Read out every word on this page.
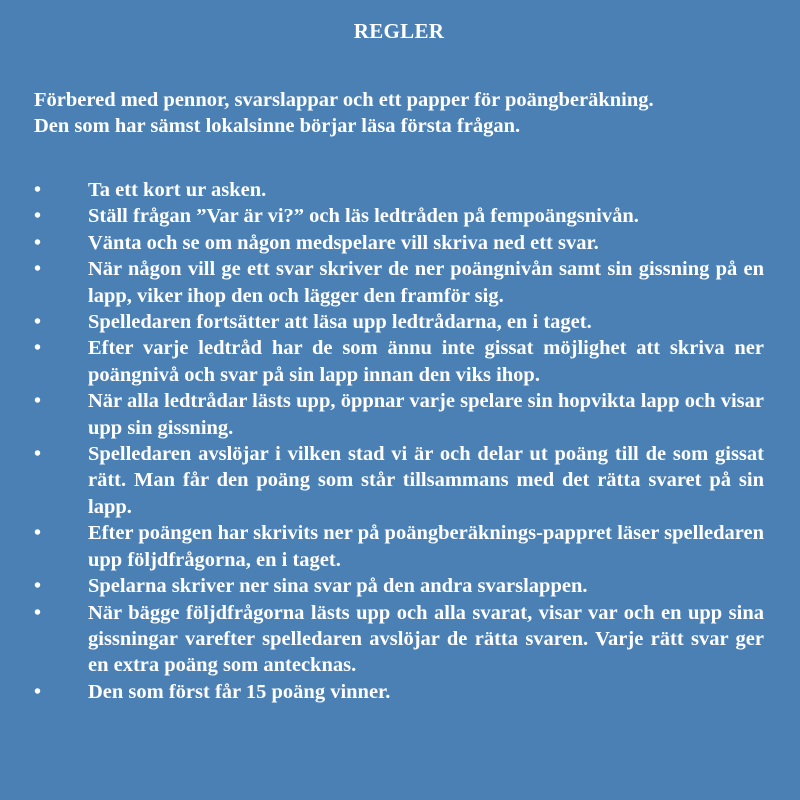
REGLER

Förbered med pennor, svarslappar och ett papper för poängberäkning.

Den som har sämst lokalsinne börjar läsa första frågan.

•	Ta ett kort ur asken.
•	Ställ frågan ”Var är vi?” och läs ledtråden på fempoängsnivån.
•	Vänta och se om någon medspelare vill skriva ned ett svar.
•	När någon vill ge ett svar skriver de ner poängnivån samt sin gissning på en lapp, viker ihop den och lägger den framför sig.
•	Spelledaren fortsätter att läsa upp ledtrådarna, en i taget.
•	Efter varje ledtråd har de som ännu inte gissat möjlighet att skriva ner poängnivå och svar på sin lapp innan den viks ihop.
•	När alla ledtrådar lästs upp, öppnar varje spelare sin hopvikta lapp och visar upp sin gissning.
•	Spelledaren avslöjar i vilken stad vi är och delar ut poäng till de som gissat rätt. Man får den poäng som står tillsammans med det rätta svaret på sin lapp.
•	Efter poängen har skrivits ner på poängberäknings-pappret läser spelledaren upp följdfrågorna, en i taget.
•	Spelarna skriver ner sina svar på den andra svarslappen.
•	När bägge följdfrågorna lästs upp och alla svarat, visar var och en upp sina gissningar varefter spelledaren avslöjar de rätta svaren. Varje rätt svar ger en extra poäng som antecknas.
•	Den som först får 15 poäng vinner.
